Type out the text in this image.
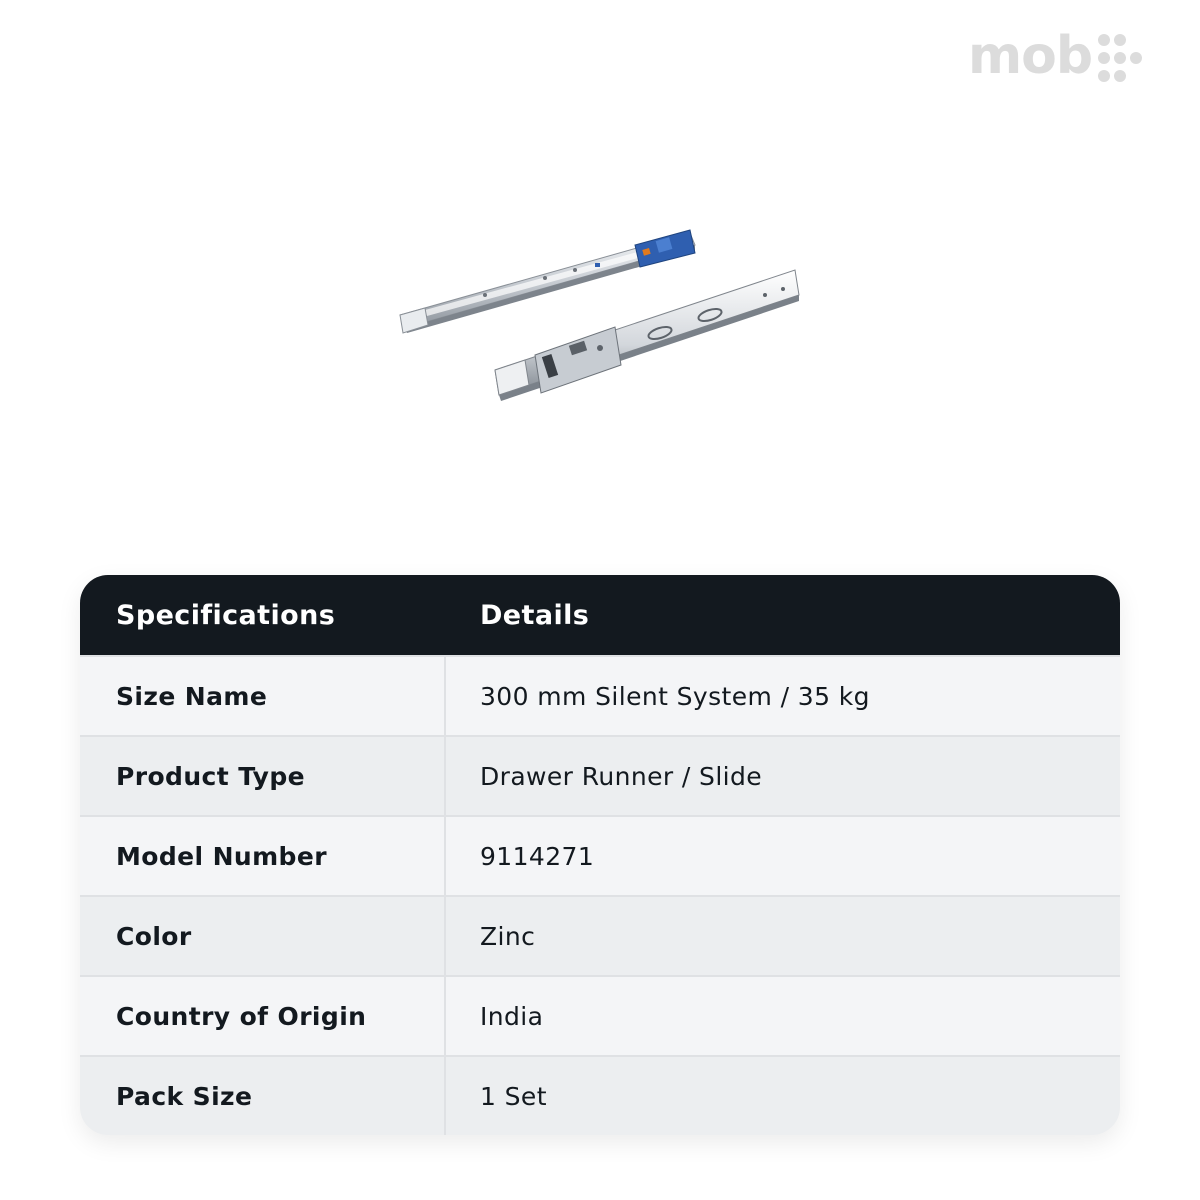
mob
Specifications	Details
Size Name	300 mm Silent System / 35 kg
Product Type	Drawer Runner / Slide
Model Number	9114271
Color	Zinc
Country of Origin	India
Pack Size	1 Set
